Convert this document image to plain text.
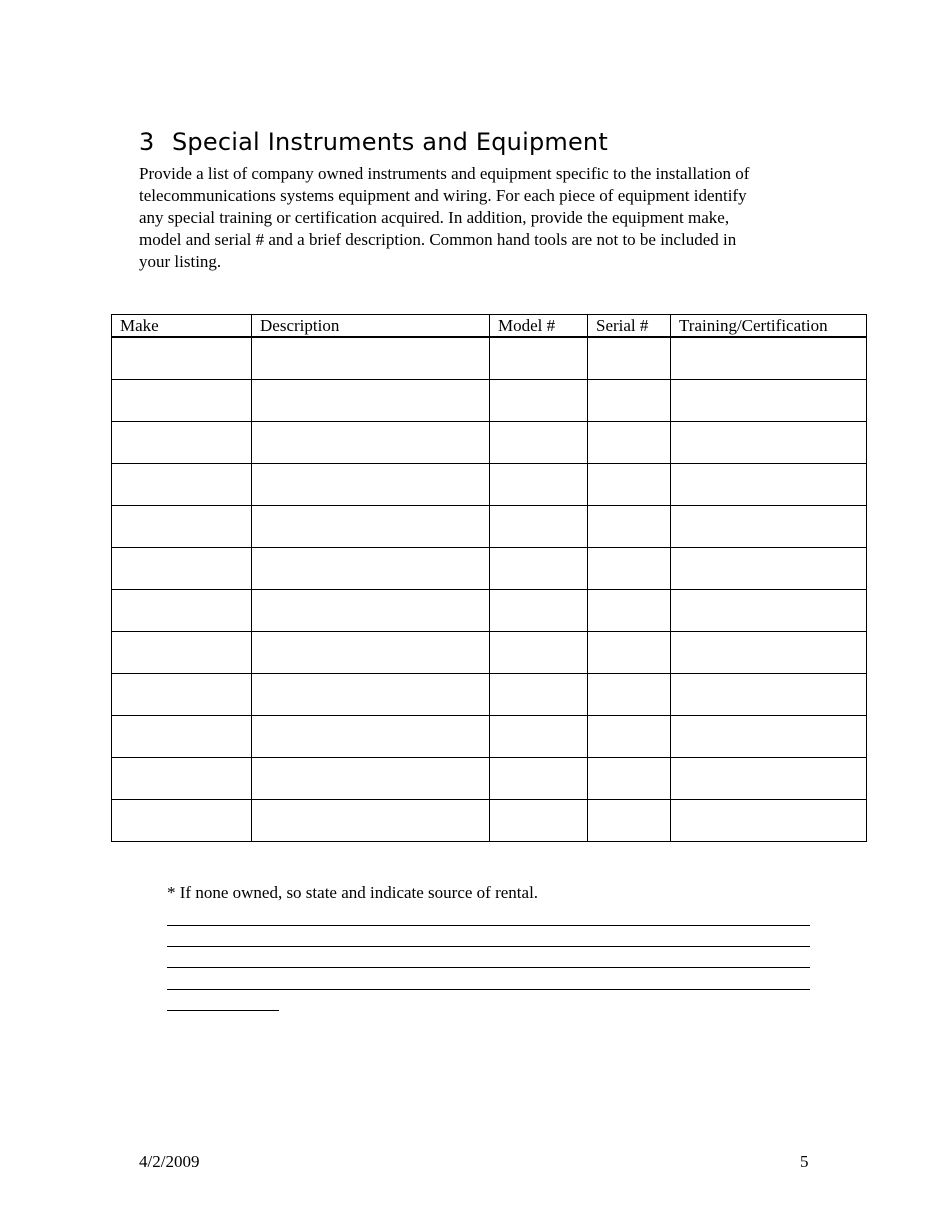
3 Special Instruments and Equipment
Provide a list of company owned instruments and equipment specific to the installation of
telecommunications systems equipment and wiring. For each piece of equipment identify
any special training or certification acquired. In addition, provide the equipment make,
model and serial # and a brief description. Common hand tools are not to be included in
your listing.
Make	Description	Model #	Serial #	Training/Certification

* If none owned, so state and indicate source of rental.
4/2/2009	5
